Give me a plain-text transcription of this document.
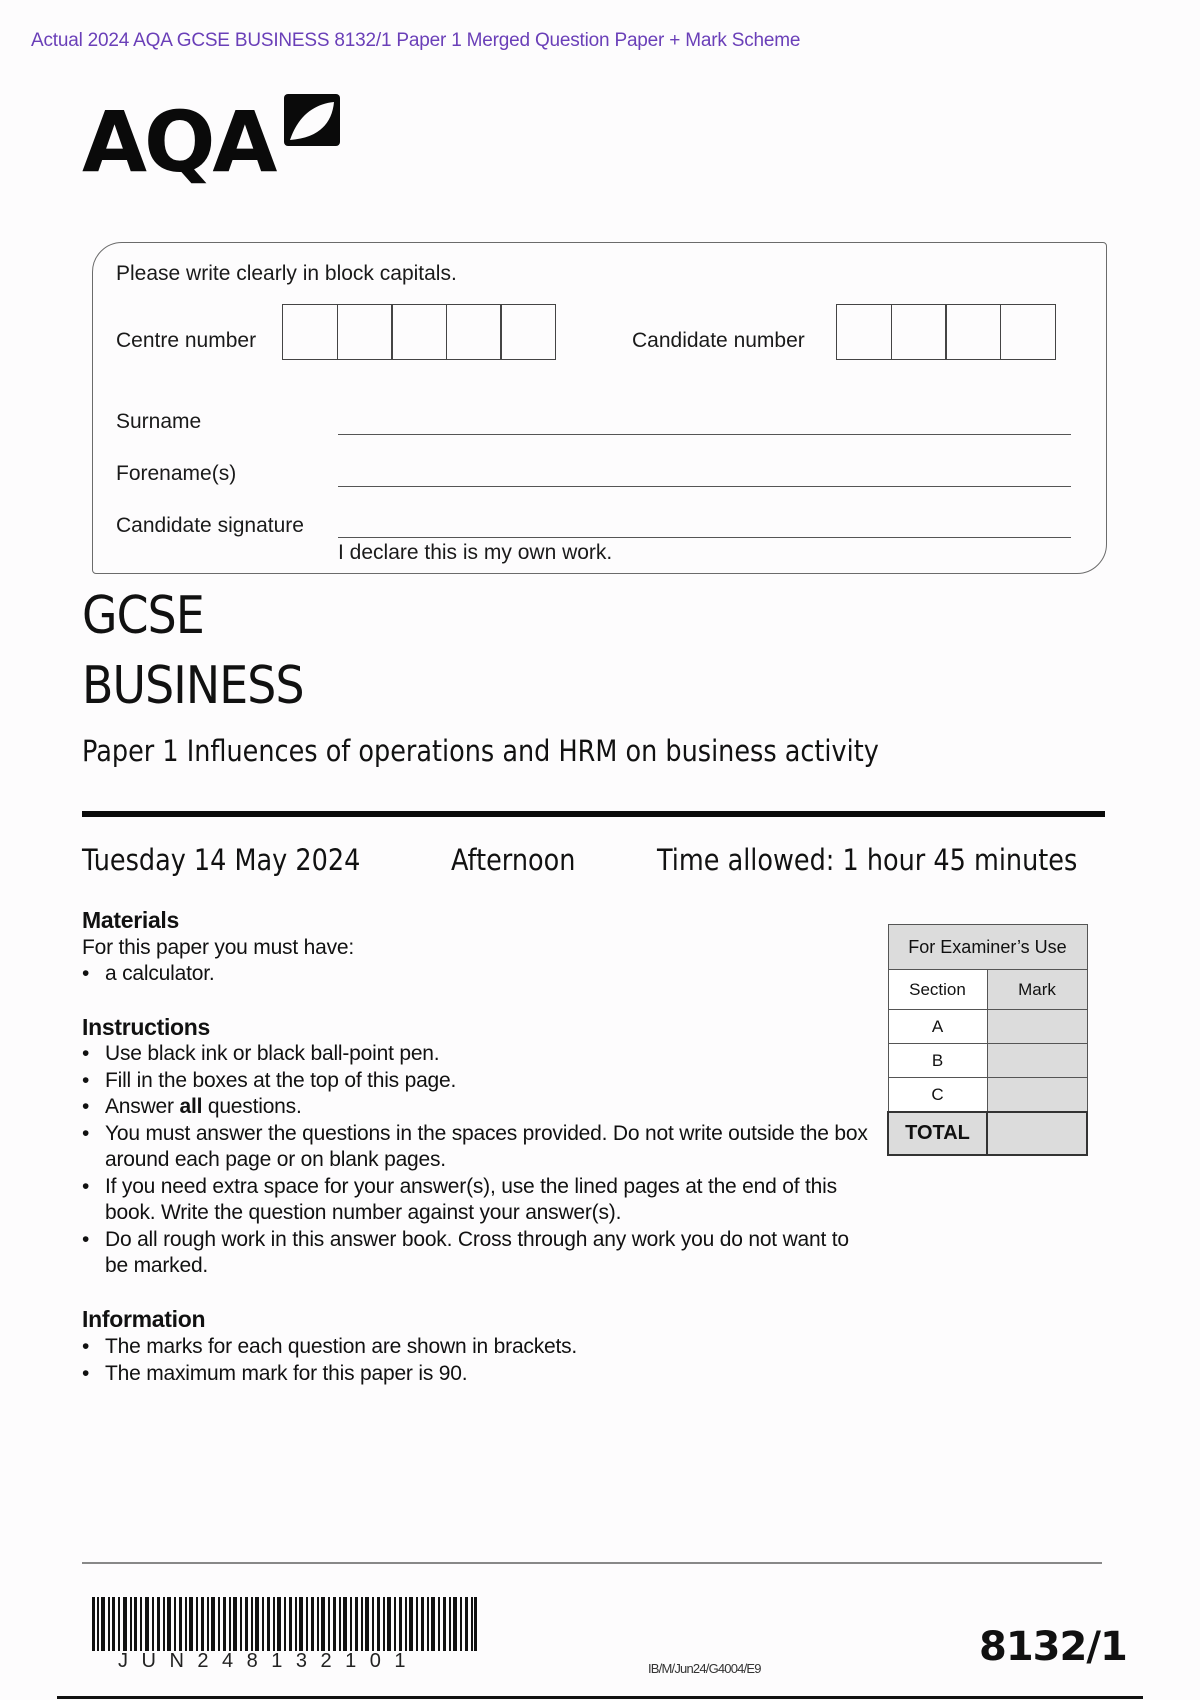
Actual 2024 AQA GCSE BUSINESS 8132/1 Paper 1 Merged Question Paper + Mark Scheme
AQA
Please write clearly in block capitals.
Centre number	Candidate number
Surname
Forename(s)
Candidate signature
I declare this is my own work.
GCSE
BUSINESS
Paper 1 Influences of operations and HRM on business activity
Tuesday 14 May 2024	Afternoon	Time allowed: 1 hour 45 minutes
Materials
For this paper you must have:
• a calculator.
Instructions
• Use black ink or black ball-point pen.
• Fill in the boxes at the top of this page.
• Answer all questions.
• You must answer the questions in the spaces provided. Do not write outside the box around each page or on blank pages.
• If you need extra space for your answer(s), use the lined pages at the end of this book. Write the question number against your answer(s).
• Do all rough work in this answer book. Cross through any work you do not want to be marked.
Information
• The marks for each question are shown in brackets.
• The maximum mark for this paper is 90.
For Examiner’s Use	
Section	Mark
A	
B	
C	
TOTAL	
JUN248132101	IB/M/Jun24/G4004/E9	8132/1
